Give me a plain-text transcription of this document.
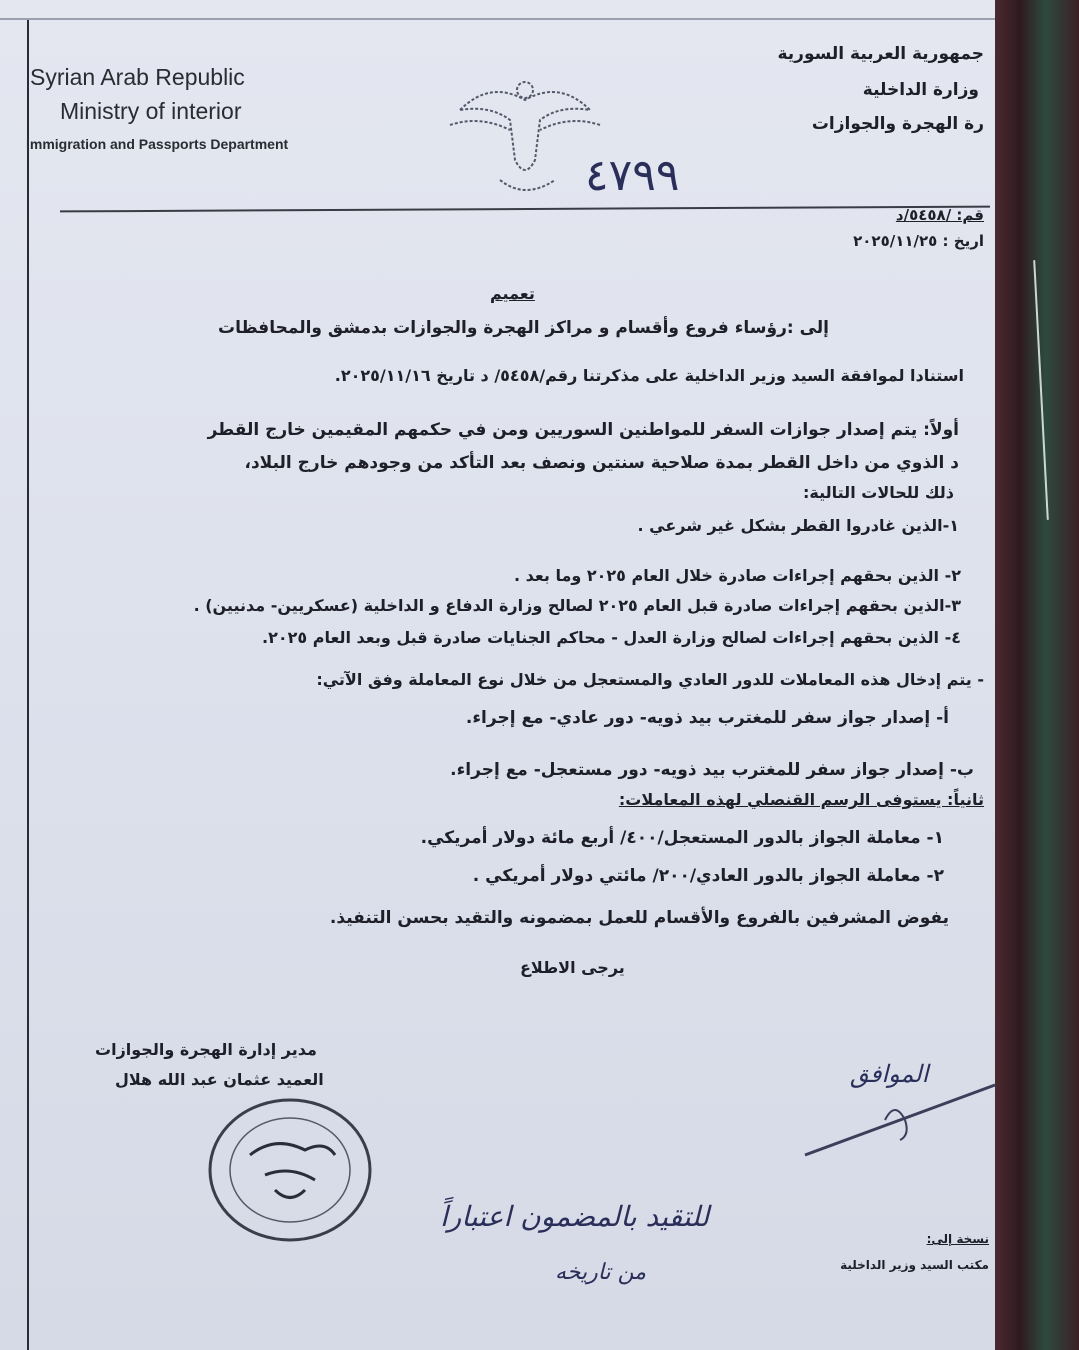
Syrian Arab Republic
Ministry of interior
Immigration and Passports Department
٤٧٩٩
جمهورية العربية السورية
وزارة الداخلية
رة الهجرة والجوازات
قم: /٥٤٥٨/د
اريخ : ٢٠٢٥/١١/٢٥
تعميم
إلى :رؤساء فروع وأقسام و مراكز الهجرة والجوازات بدمشق والمحافظات
استنادا لموافقة السيد وزير الداخلية على مذكرتنا رقم/٥٤٥٨/ د تاريخ ٢٠٢٥/١١/١٦.
أولاً: يتم إصدار جوازات السفر للمواطنين السوريين ومن في حكمهم المقيمين خارج القطر
د الذوي من داخل القطر بمدة صلاحية سنتين ونصف بعد التأكد من وجودهم خارج البلاد،
ذلك للحالات التالية:
١-الذين غادروا القطر بشكل غير شرعي .
٢- الذين بحقهم إجراءات صادرة خلال العام ٢٠٢٥ وما بعد .
٣-الذين بحقهم إجراءات صادرة قبل العام ٢٠٢٥ لصالح وزارة الدفاع و الداخلية (عسكريين- مدنيين) .
٤- الذين بحقهم إجراءات لصالح وزارة العدل - محاكم الجنايات صادرة قبل وبعد العام ٢٠٢٥.
- يتم إدخال هذه المعاملات للدور العادي والمستعجل من خلال نوع المعاملة وفق الآتي:
أ- إصدار جواز سفر للمغترب بيد ذويه- دور عادي- مع إجراء.
ب- إصدار جواز سفر للمغترب بيد ذويه- دور مستعجل- مع إجراء.
ثانياً: يستوفى الرسم القنصلي لهذه المعاملات:
١- معاملة الجواز بالدور المستعجل/٤٠٠/ أربع مائة دولار أمريكي.
٢- معاملة الجواز بالدور العادي/٢٠٠/ مائتي دولار أمريكي .
يفوض المشرفين بالفروع والأقسام للعمل بمضمونه والتقيد بحسن التنفيذ.
يرجى الاطلاع
مدير إدارة الهجرة والجوازات
العميد عثمان عبد الله هلال	الموافق
للتقيد بالمضمون اعتباراً
من تاريخه
نسخة إلى:
مكتب السيد وزير الداخلية
